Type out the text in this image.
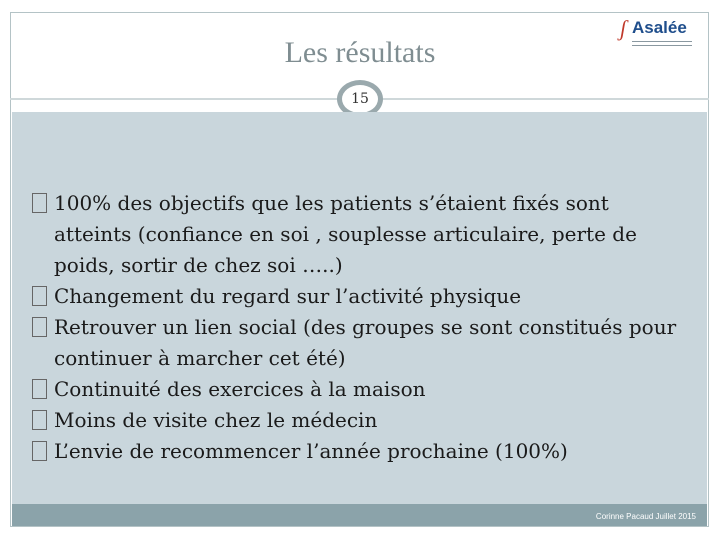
Les résultats
ʃ Asalée
15
100% des objectifs que les patients s’étaient fixés sont atteints (confiance en soi , souplesse articulaire, perte de poids, sortir de chez soi …..)
Changement du regard sur l’activité physique
Retrouver un lien social (des groupes se sont constitués pour continuer à marcher cet été)
Continuité des exercices à la maison
Moins de visite chez le médecin
L’envie de recommencer l’année prochaine (100%)
Corinne Pacaud Juillet 2015
